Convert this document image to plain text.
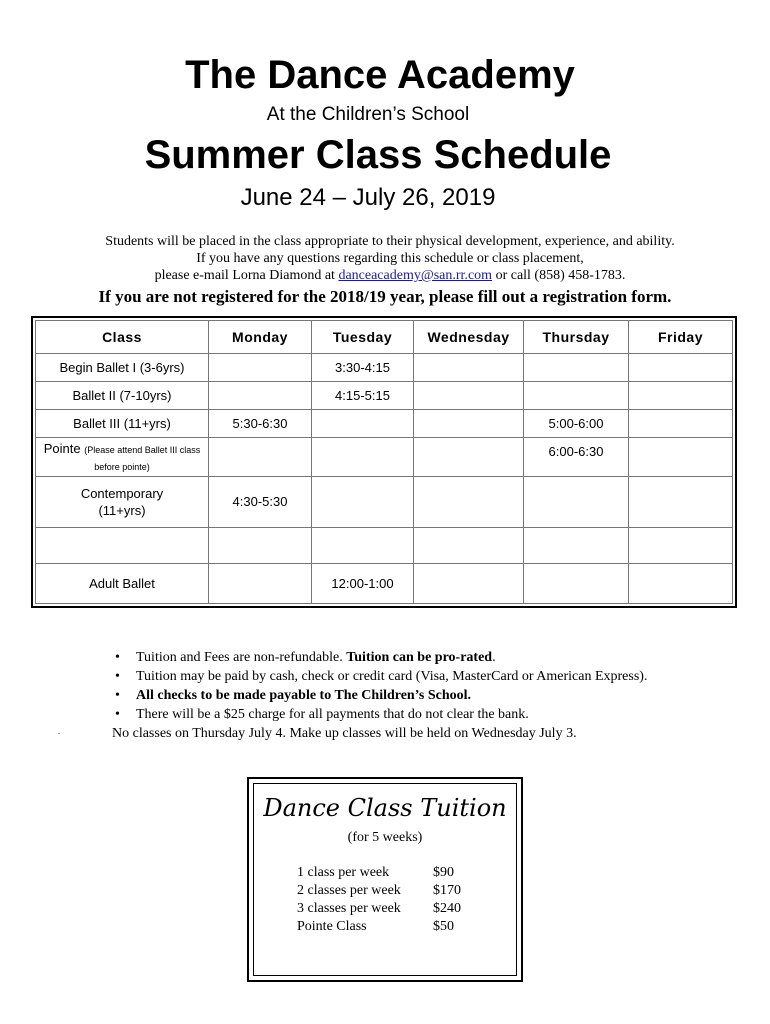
The Dance Academy
At the Children’s School
Summer Class Schedule
June 24 – July 26, 2019
Students will be placed in the class appropriate to their physical development, experience, and ability.
If you have any questions regarding this schedule or class placement,
please e-mail Lorna Diamond at danceacademy@san.rr.com or call (858) 458-1783.
If you are not registered for the 2018/19 year, please fill out a registration form.
Class	Monday	Tuesday	Wednesday	Thursday	Friday
Begin Ballet I (3-6yrs)		3:30-4:15			
Ballet II (7-10yrs)		4:15-5:15			
Ballet III (11+yrs)	5:30-6:30			5:00-6:00	
Pointe (Please attend Ballet III class before pointe)				6:00-6:30	

Contemporary
(11+yrs)	4:30-5:30				

Adult Ballet		12:00-1:00			
• Tuition and Fees are non-refundable. Tuition can be pro-rated.
• Tuition may be paid by cash, check or credit card (Visa, MasterCard or American Express).
• All checks to be made payable to The Children’s School.
• There will be a $25 charge for all payments that do not clear the bank.
No classes on Thursday July 4. Make up classes will be held on Wednesday July 3.
.
Dance Class Tuition
(for 5 weeks)
1 class per week	$90
2 classes per week	$170
3 classes per week	$240
Pointe Class	$50
